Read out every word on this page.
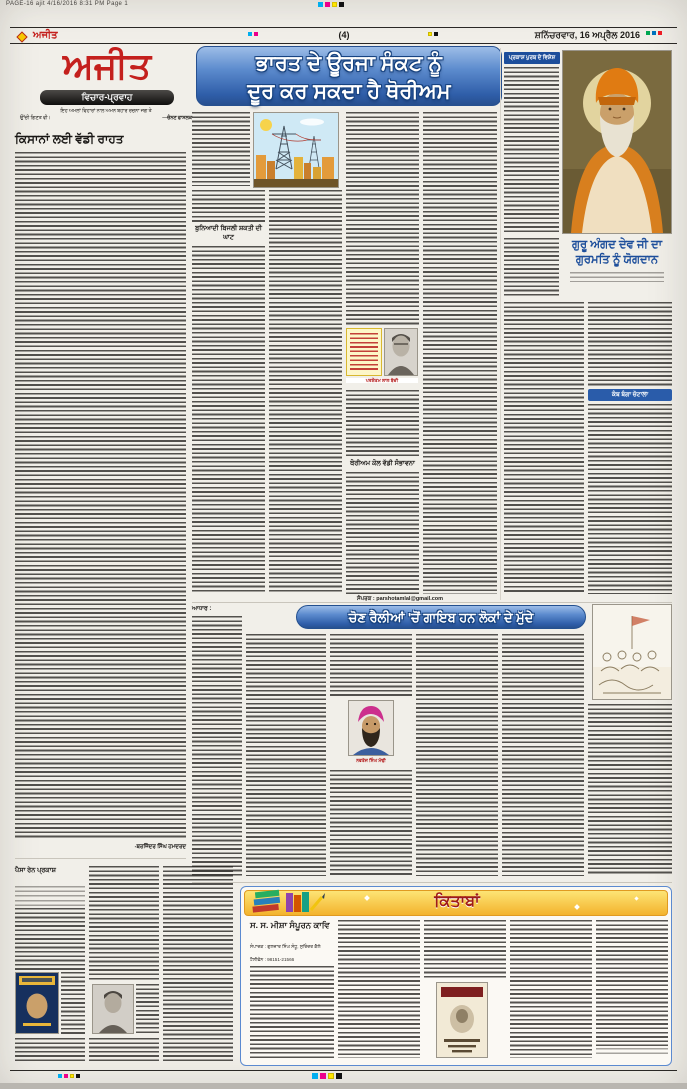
PAGE-16 ajit 4/16/2016 8:31 PM Page 1
ਅਜੀਤ	(4)	ਸ਼ਨਿੱਚਰਵਾਰ, 16 ਅਪ੍ਰੈਲ 2016
ਅਜੀਤ
ਵਿਚਾਰ-ਪ੍ਰਵਾਹ
ਇਹ ਅਮਲਾਂ ਵਿਹਾਰਾਂ ਨਾਲ ਅਮਨ ਬਹਾਰ ਰਚਨਾ ਜਗ ਤੇ
ਉੱਚੀ ਗਿਣਤ ਵੀ।	—ਚੰਨਣ ਫਾਸਲਕ
ਭਾਰਤ ਦੇ ਊਰਜਾ ਸੰਕਟ ਨੂੰ
ਦੂਰ ਕਰ ਸਕਦਾ ਹੈ ਥੋਰੀਅਮ
ਕਿਸਾਨਾਂ ਲਈ ਵੱਡੀ ਰਾਹਤ
-ਬਰਜਿੰਦਰ ਸਿੰਘ ਹਮਦਰਦ
ਬੁਨਿਆਦੀ ਬਿਜਲੀ ਸ਼ਕਤੀ ਦੀ ਘਾਟ
ਪਰਸ਼ੋਤਮ ਲਾਲ ਬੇਦੀ
ਥੋਰੀਅਮ ਕੋਲ ਵੱਡੀ ਸੰਭਾਵਨਾ
ਸੰਪਰਕ : parshotamlal@gmail.com
ਪ੍ਰਕਾਸ਼ ਪੁਰਬ ਦੇ ਵਿਸ਼ੇਸ਼
ਗੁਰੂ ਅੰਗਦ ਦੇਵ ਜੀ ਦਾ
ਗੁਰਮਤਿ ਨੂੰ ਯੋਗਦਾਨ
ਕੰਬ ਬੰਗਾ ਚੋਟਾਲਾ
ਆਧਾਰ :
ਚੋਣ ਰੈਲੀਆਂ 'ਚੋਂ ਗਾਇਬ ਹਨ ਲੋਕਾਂ ਦੇ ਮੁੱਦੇ
ਨਵਤੇਜ ਸਿੰਘ ਮੱਢੀ
ਪੈਸਾ ਰੇਨ ਪ੍ਰਕਾਸ਼
ਕਿਤਾਬਾਂ
ਸ. ਸ. ਮੀਸ਼ਾ ਸੰਪੂਰਨ ਕਾਵਿ
ਸੰਪਾਦਕ : ਗੁਲਜ਼ਾਰ ਸਿੰਘ ਸੰਧੂ, ਸੁਰਿੰਦਰ ਕੈਲੇ
ਟੈਲੀਫੋਨ : 98151-21566
